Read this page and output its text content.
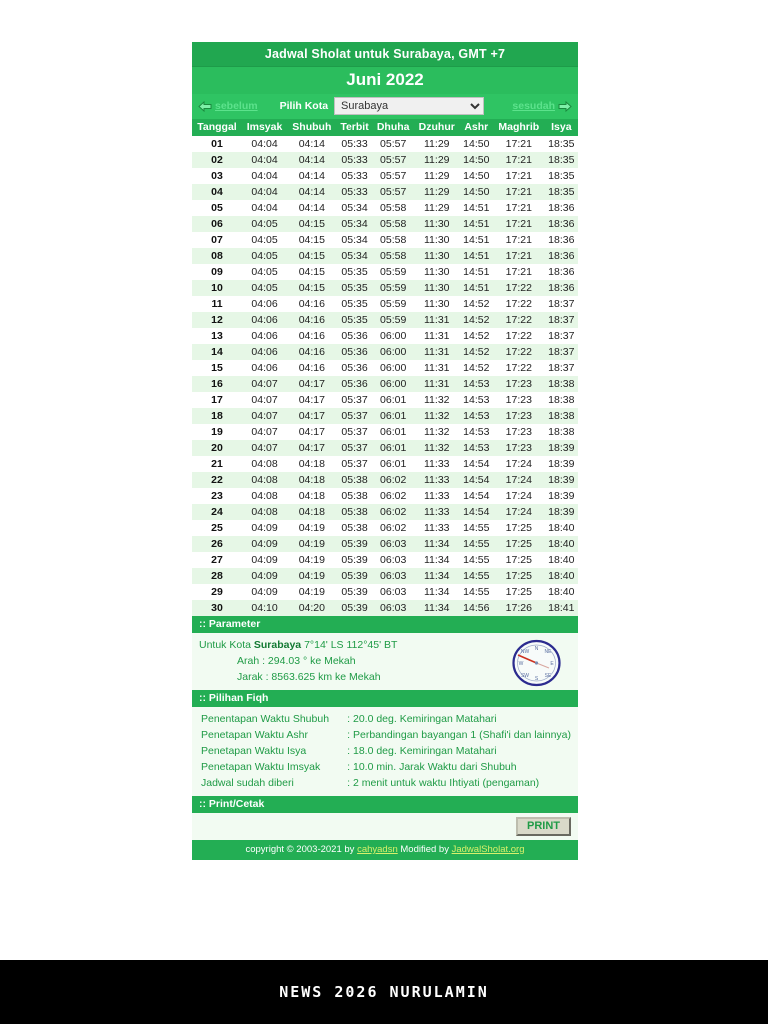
Jadwal Sholat untuk Surabaya, GMT +7
Juni 2022
sebelum Pilih Kota
Surabaya	sesudah
Tanggal	Imsyak	Shubuh	Terbit	Dhuha	Dzuhur	Ashr	Maghrib	Isya
01	04:04	04:14	05:33	05:57	11:29	14:50	17:21	18:35
02	04:04	04:14	05:33	05:57	11:29	14:50	17:21	18:35
03	04:04	04:14	05:33	05:57	11:29	14:50	17:21	18:35
04	04:04	04:14	05:33	05:57	11:29	14:50	17:21	18:35
05	04:04	04:14	05:34	05:58	11:29	14:51	17:21	18:36
06	04:05	04:15	05:34	05:58	11:30	14:51	17:21	18:36
07	04:05	04:15	05:34	05:58	11:30	14:51	17:21	18:36
08	04:05	04:15	05:34	05:58	11:30	14:51	17:21	18:36
09	04:05	04:15	05:35	05:59	11:30	14:51	17:21	18:36
10	04:05	04:15	05:35	05:59	11:30	14:51	17:22	18:36
11	04:06	04:16	05:35	05:59	11:30	14:52	17:22	18:37
12	04:06	04:16	05:35	05:59	11:31	14:52	17:22	18:37
13	04:06	04:16	05:36	06:00	11:31	14:52	17:22	18:37
14	04:06	04:16	05:36	06:00	11:31	14:52	17:22	18:37
15	04:06	04:16	05:36	06:00	11:31	14:52	17:22	18:37
16	04:07	04:17	05:36	06:00	11:31	14:53	17:23	18:38
17	04:07	04:17	05:37	06:01	11:32	14:53	17:23	18:38
18	04:07	04:17	05:37	06:01	11:32	14:53	17:23	18:38
19	04:07	04:17	05:37	06:01	11:32	14:53	17:23	18:38
20	04:07	04:17	05:37	06:01	11:32	14:53	17:23	18:39
21	04:08	04:18	05:37	06:01	11:33	14:54	17:24	18:39
22	04:08	04:18	05:38	06:02	11:33	14:54	17:24	18:39
23	04:08	04:18	05:38	06:02	11:33	14:54	17:24	18:39
24	04:08	04:18	05:38	06:02	11:33	14:54	17:24	18:39
25	04:09	04:19	05:38	06:02	11:33	14:55	17:25	18:40
26	04:09	04:19	05:39	06:03	11:34	14:55	17:25	18:40
27	04:09	04:19	05:39	06:03	11:34	14:55	17:25	18:40
28	04:09	04:19	05:39	06:03	11:34	14:55	17:25	18:40
29	04:09	04:19	05:39	06:03	11:34	14:55	17:25	18:40
30	04:10	04:20	05:39	06:03	11:34	14:56	17:26	18:41
:: Parameter
Untuk Kota Surabaya 7°14' LS 112°45' BT
Arah : 294.03 ° ke Mekah
Jarak : 8563.625 km ke Mekah
N
E
S
W
NW	NE
SE
SW
:: Pilihan Fiqh
Penentapan Waktu Shubuh	: 20.0 deg. Kemiringan Matahari
Penetapan Waktu Ashr	: Perbandingan bayangan 1 (Shafi'i dan lainnya)
Penetapan Waktu Isya	: 18.0 deg. Kemiringan Matahari
Penetapan Waktu Imsyak	: 10.0 min. Jarak Waktu dari Shubuh
Jadwal sudah diberi	: 2 menit untuk waktu Ihtiyati (pengaman)
:: Print/Cetak
PRINT
copyright © 2003-2021 by cahyadsn Modified by JadwalSholat.org
NEWS 2026 NURULAMIN
